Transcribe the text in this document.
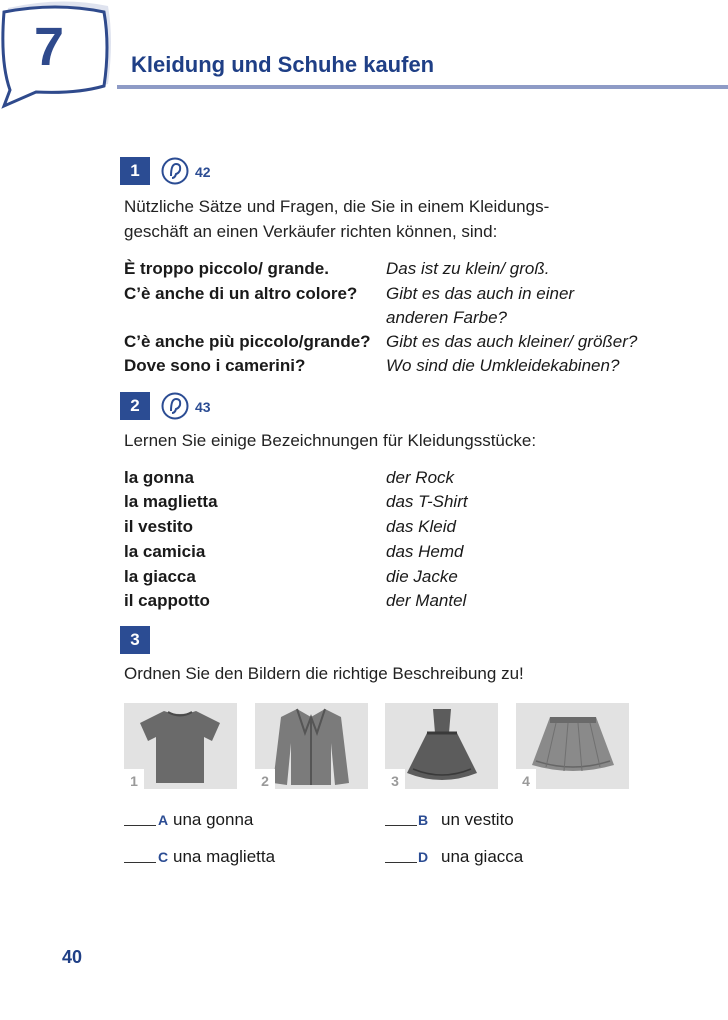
7	Kleidung und Schuhe kaufen
1	42
Nützliche Sätze und Fragen, die Sie in einem Kleidungs-
geschäft an einen Verkäufer richten können, sind:
È troppo piccolo/ grande.	Das ist zu klein/ groß.
C’è anche di un altro colore? Gibt es das auch in einer
anderen Farbe?
C’è anche più piccolo/grande? Gibt es das auch kleiner/ größer?
Dove sono i camerini?	Wo sind die Umkleidekabinen?
2	43
Lernen Sie einige Bezeichnungen für Kleidungsstücke:
la gonna	der Rock
la maglietta	das T-Shirt
il vestito	das Kleid
la camicia	das Hemd
la giacca	die Jacke
il cappotto	der Mantel
3
Ordnen Sie den Bildern die richtige Beschreibung zu!
1	2	3	4
A una gonna	B un vestito
C una maglietta	D una giacca
40
